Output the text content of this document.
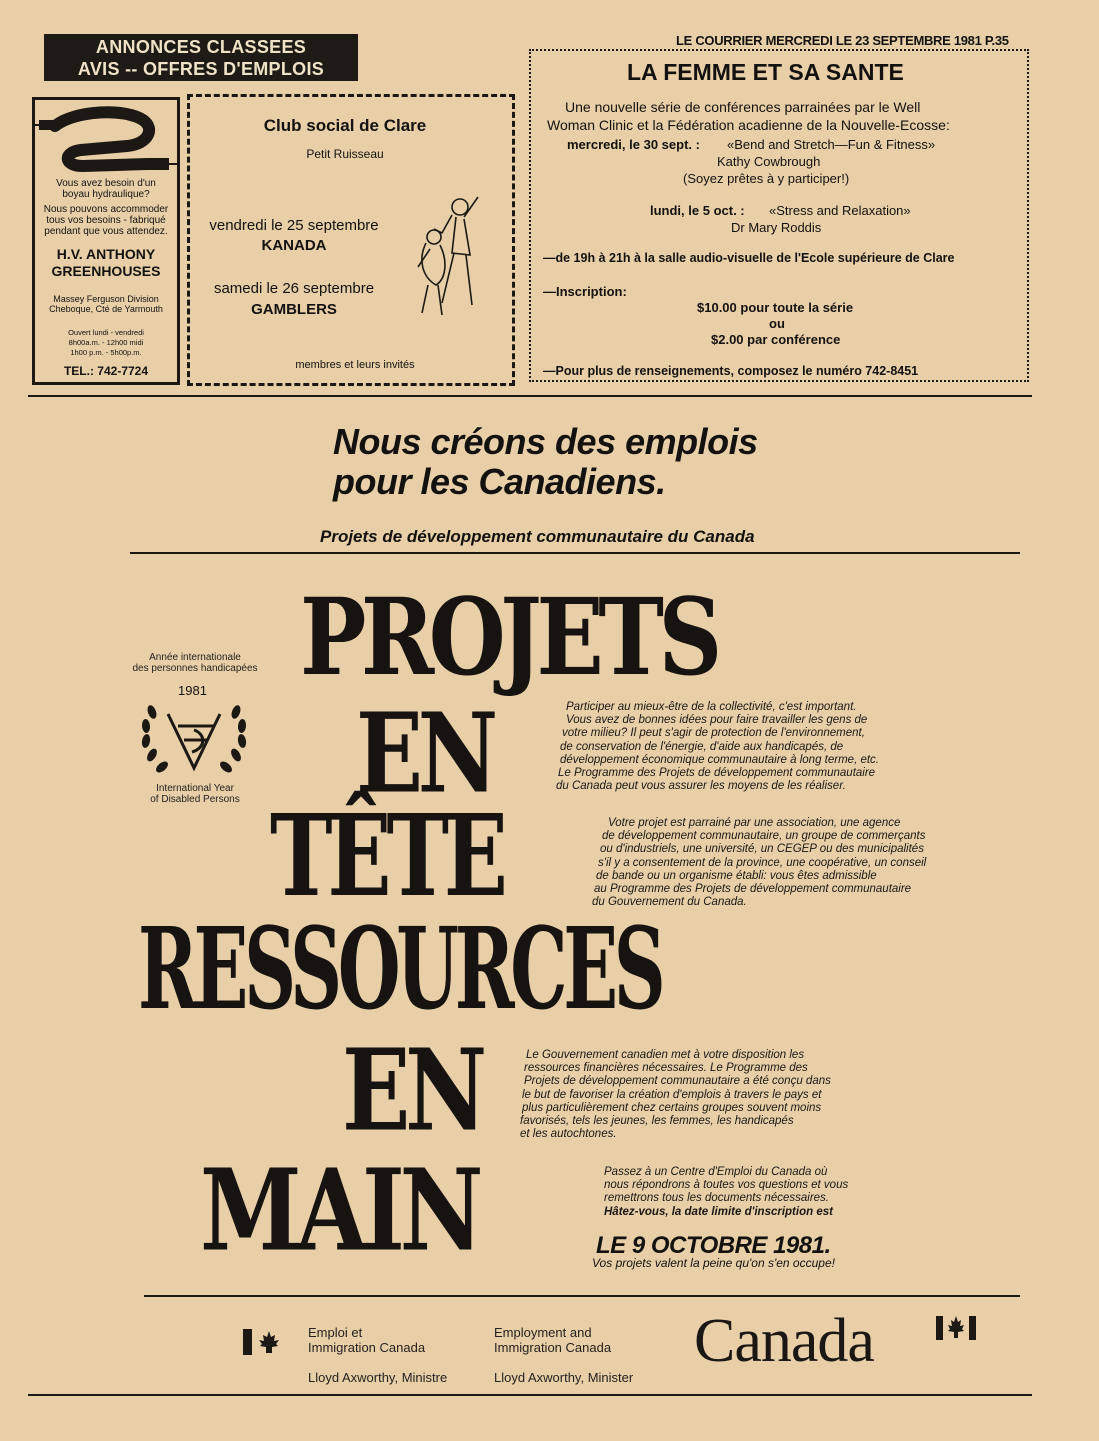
ANNONCES CLASSEES
AVIS -- OFFRES D'EMPLOIS
LE COURRIER MERCREDI LE 23 SEPTEMBRE 1981 P.35
Vous avez besoin d'un
boyau hydraulique?
Nous pouvons accommoder
tous vos besoins - fabriqué
pendant que vous attendez.
H.V. ANTHONY
GREENHOUSES
Massey Ferguson Division
Cheboque, Cté de Yarmouth
Ouvert lundi - vendredi
8h00a.m. - 12h00 midi
1h00 p.m. - 5h00p.m.
TEL.: 742-7724
Club social de Clare
Petit Ruisseau
vendredi le 25 septembre
KANADA
samedi le 26 septembre
GAMBLERS
membres et leurs invités
LA FEMME ET SA SANTE
Une nouvelle série de conférences parrainées par le Well
Woman Clinic et la Fédération acadienne de la Nouvelle-Ecosse:
mercredi, le 30 sept. : «Bend and Stretch—Fun & Fitness»
Kathy Cowbrough
(Soyez prêtes à y participer!)
lundi, le 5 oct. : «Stress and Relaxation»
Dr Mary Roddis
—de 19h à 21h à la salle audio-visuelle de l'Ecole supérieure de Clare
—Inscription:
$10.00 pour toute la série
ou
$2.00 par conférence
—Pour plus de renseignements, composez le numéro 742-8451
Nous créons des emplois
pour les Canadiens.
Projets de développement communautaire du Canada
PROJETS
EN
TÊTE
RESSOURCES
EN
MAIN
Année internationale
des personnes handicapées
1981
International Year
of Disabled Persons
Participer au mieux-être de la collectivité, c'est important.
Vous avez de bonnes idées pour faire travailler les gens de
votre milieu? Il peut s'agir de protection de l'environnement,
de conservation de l'énergie, d'aide aux handicapés, de
développement économique communautaire à long terme, etc.
Le Programme des Projets de développement communautaire
du Canada peut vous assurer les moyens de les réaliser.
Votre projet est parrainé par une association, une agence
de développement communautaire, un groupe de commerçants
ou d'industriels, une université, un CEGEP ou des municipalités
s'il y a consentement de la province, une coopérative, un conseil
de bande ou un organisme établi: vous êtes admissible
au Programme des Projets de développement communautaire
du Gouvernement du Canada.
Le Gouvernement canadien met à votre disposition les
ressources financières nécessaires. Le Programme des
Projets de développement communautaire a été conçu dans
le but de favoriser la création d'emplois à travers le pays et
plus particulièrement chez certains groupes souvent moins
favorisés, tels les jeunes, les femmes, les handicapés
et les autochtones.
Passez à un Centre d'Emploi du Canada où
nous répondrons à toutes vos questions et vous
remettrons tous les documents nécessaires.
Hâtez-vous, la date limite d'inscription est
LE 9 OCTOBRE 1981.
Vos projets valent la peine qu'on s'en occupe!
Emploi et
Immigration Canada
Lloyd Axworthy, Ministre
Employment and
Immigration Canada
Lloyd Axworthy, Minister
Canada
